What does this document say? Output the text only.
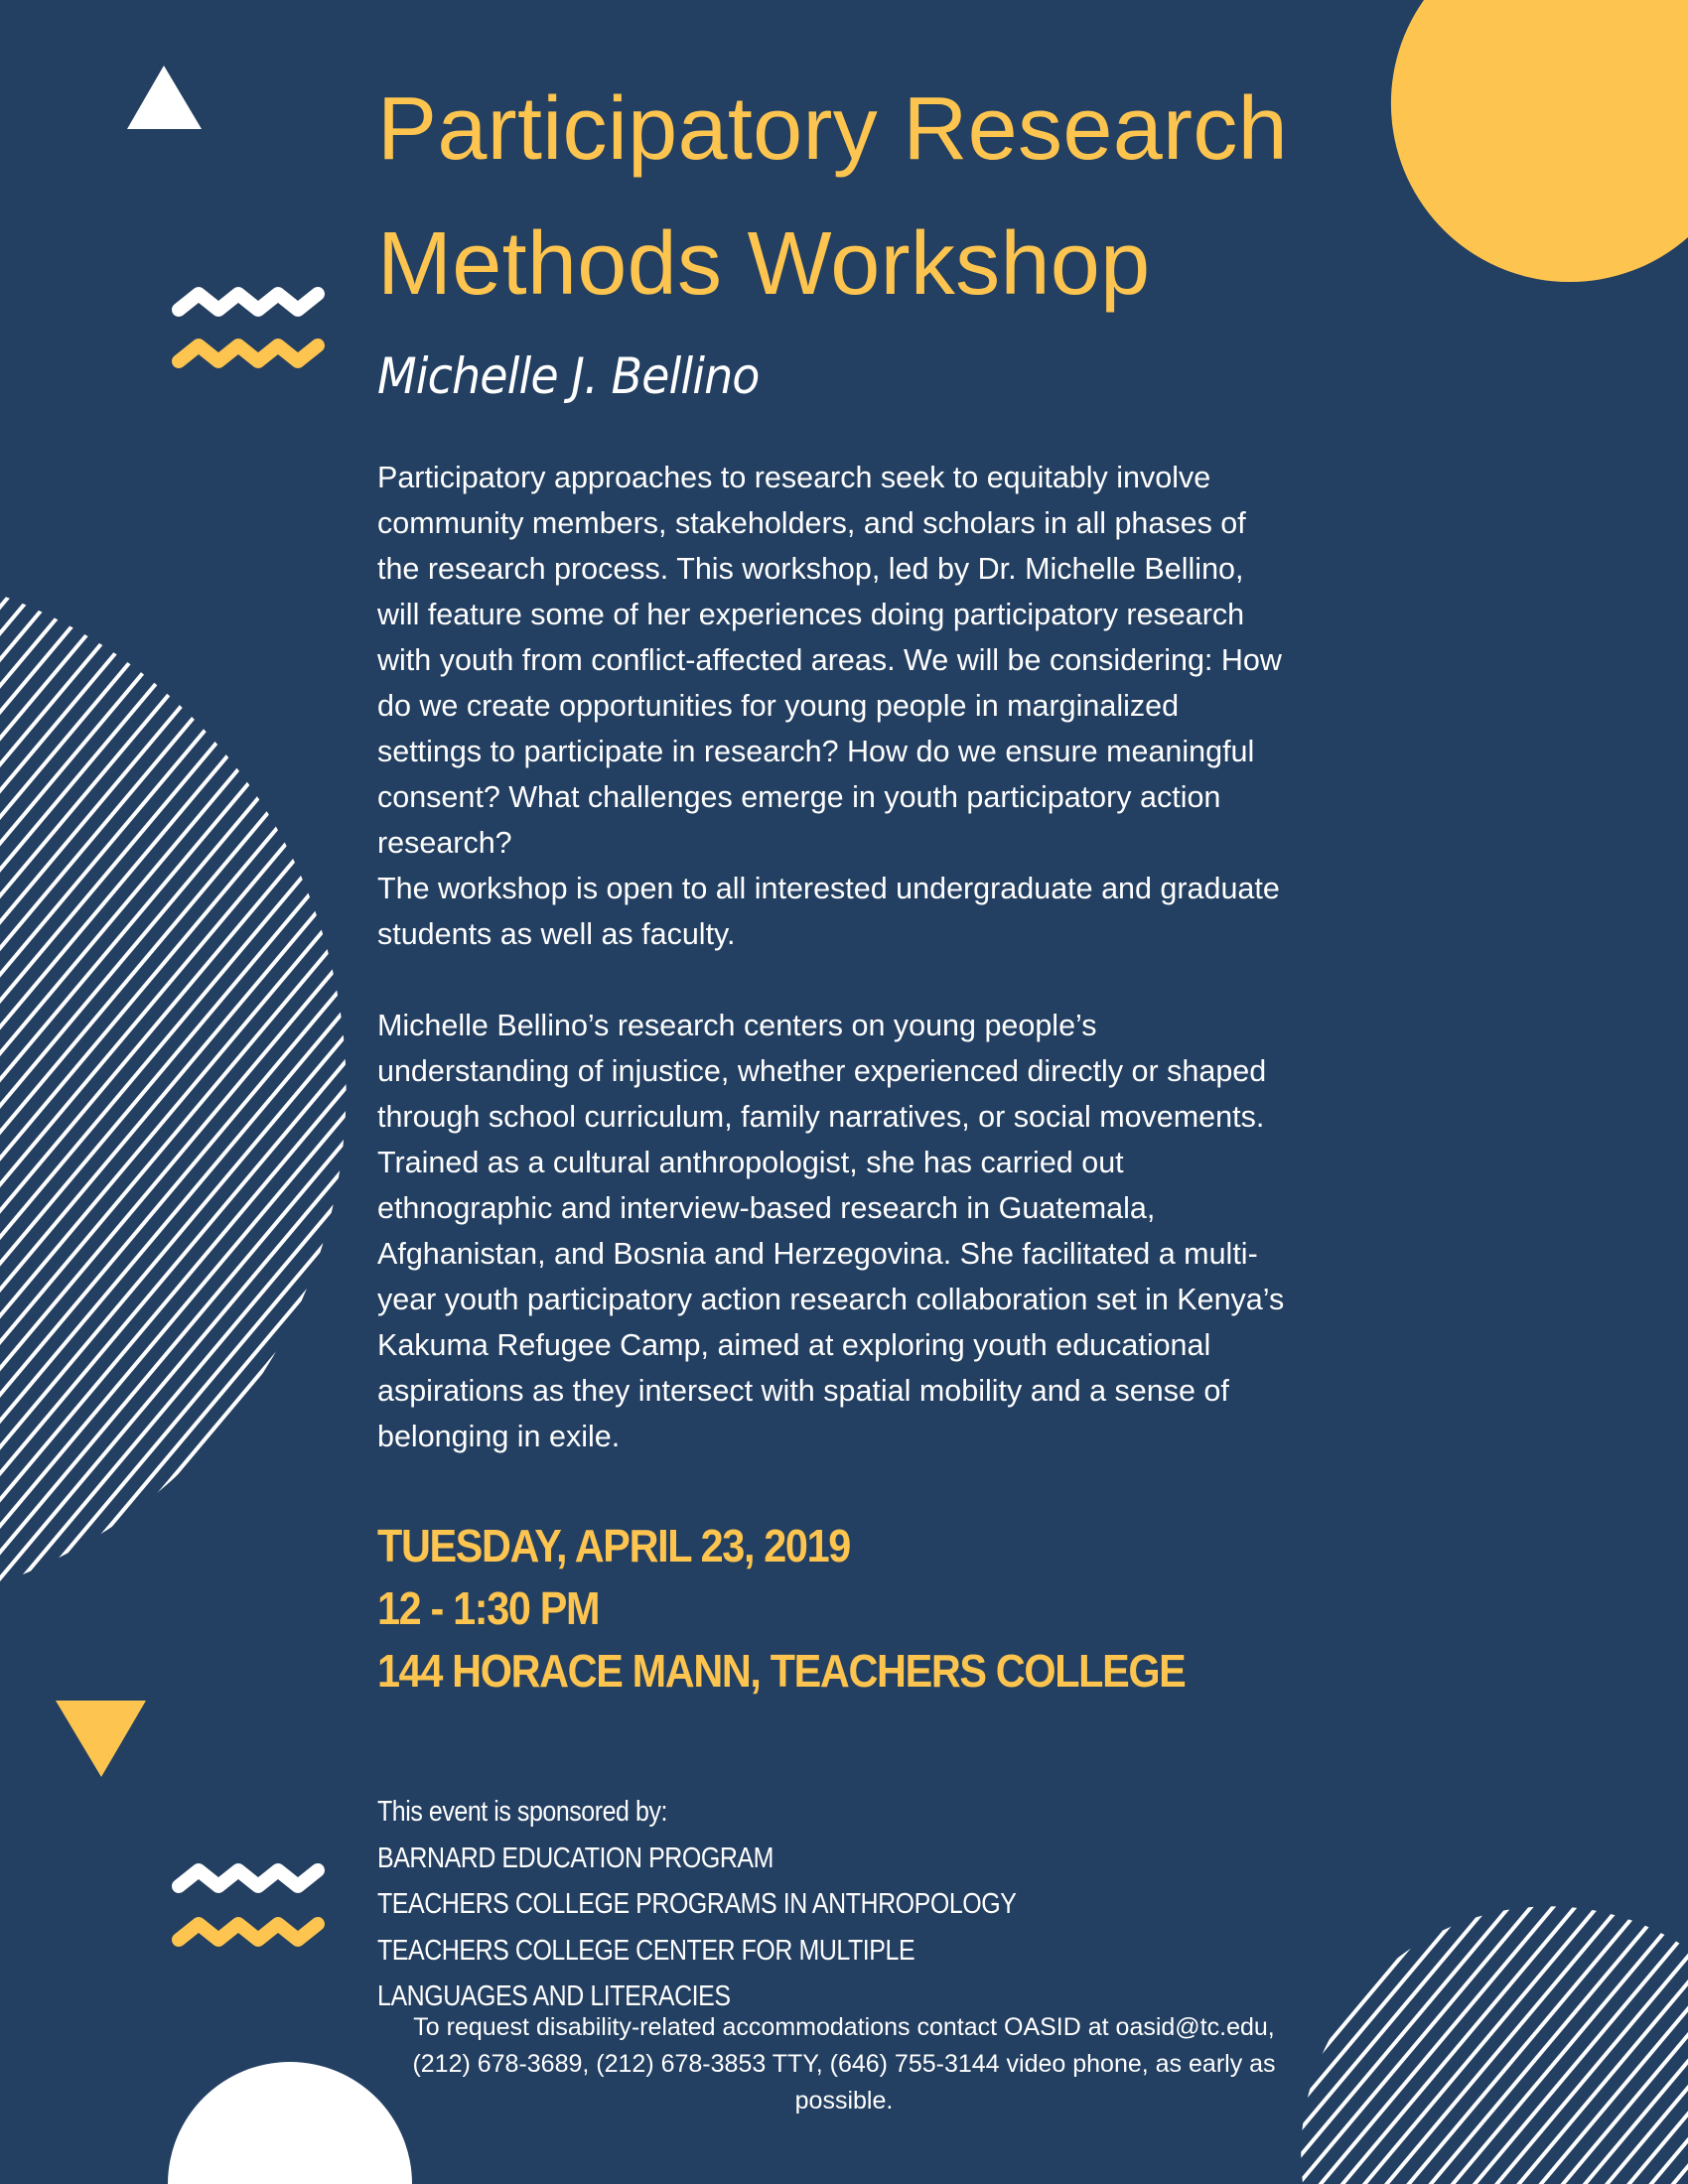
Participatory Research
Methods Workshop
Michelle J. Bellino
Participatory approaches to research seek to equitably involve
community members, stakeholders, and scholars in all phases of
the research process. This workshop, led by Dr. Michelle Bellino,
will feature some of her experiences doing participatory research
with youth from conflict-affected areas. We will be considering: How
do we create opportunities for young people in marginalized
settings to participate in research? How do we ensure meaningful
consent? What challenges emerge in youth participatory action
research?
The workshop is open to all interested undergraduate and graduate
students as well as faculty.
Michelle Bellino’s research centers on young people’s
understanding of injustice, whether experienced directly or shaped
through school curriculum, family narratives, or social movements.
Trained as a cultural anthropologist, she has carried out
ethnographic and interview-based research in Guatemala,
Afghanistan, and Bosnia and Herzegovina. She facilitated a multi-
year youth participatory action research collaboration set in Kenya’s
Kakuma Refugee Camp, aimed at exploring youth educational
aspirations as they intersect with spatial mobility and a sense of
belonging in exile.
TUESDAY, APRIL 23, 2019
12 - 1:30 PM
144 HORACE MANN, TEACHERS COLLEGE
This event is sponsored by:
BARNARD EDUCATION PROGRAM
TEACHERS COLLEGE PROGRAMS IN ANTHROPOLOGY
TEACHERS COLLEGE CENTER FOR MULTIPLE
LANGUAGES AND LITERACIES
To request disability-related accommodations contact OASID at oasid@tc.edu,
(212) 678-3689, (212) 678-3853 TTY, (646) 755-3144 video phone, as early as
possible.
